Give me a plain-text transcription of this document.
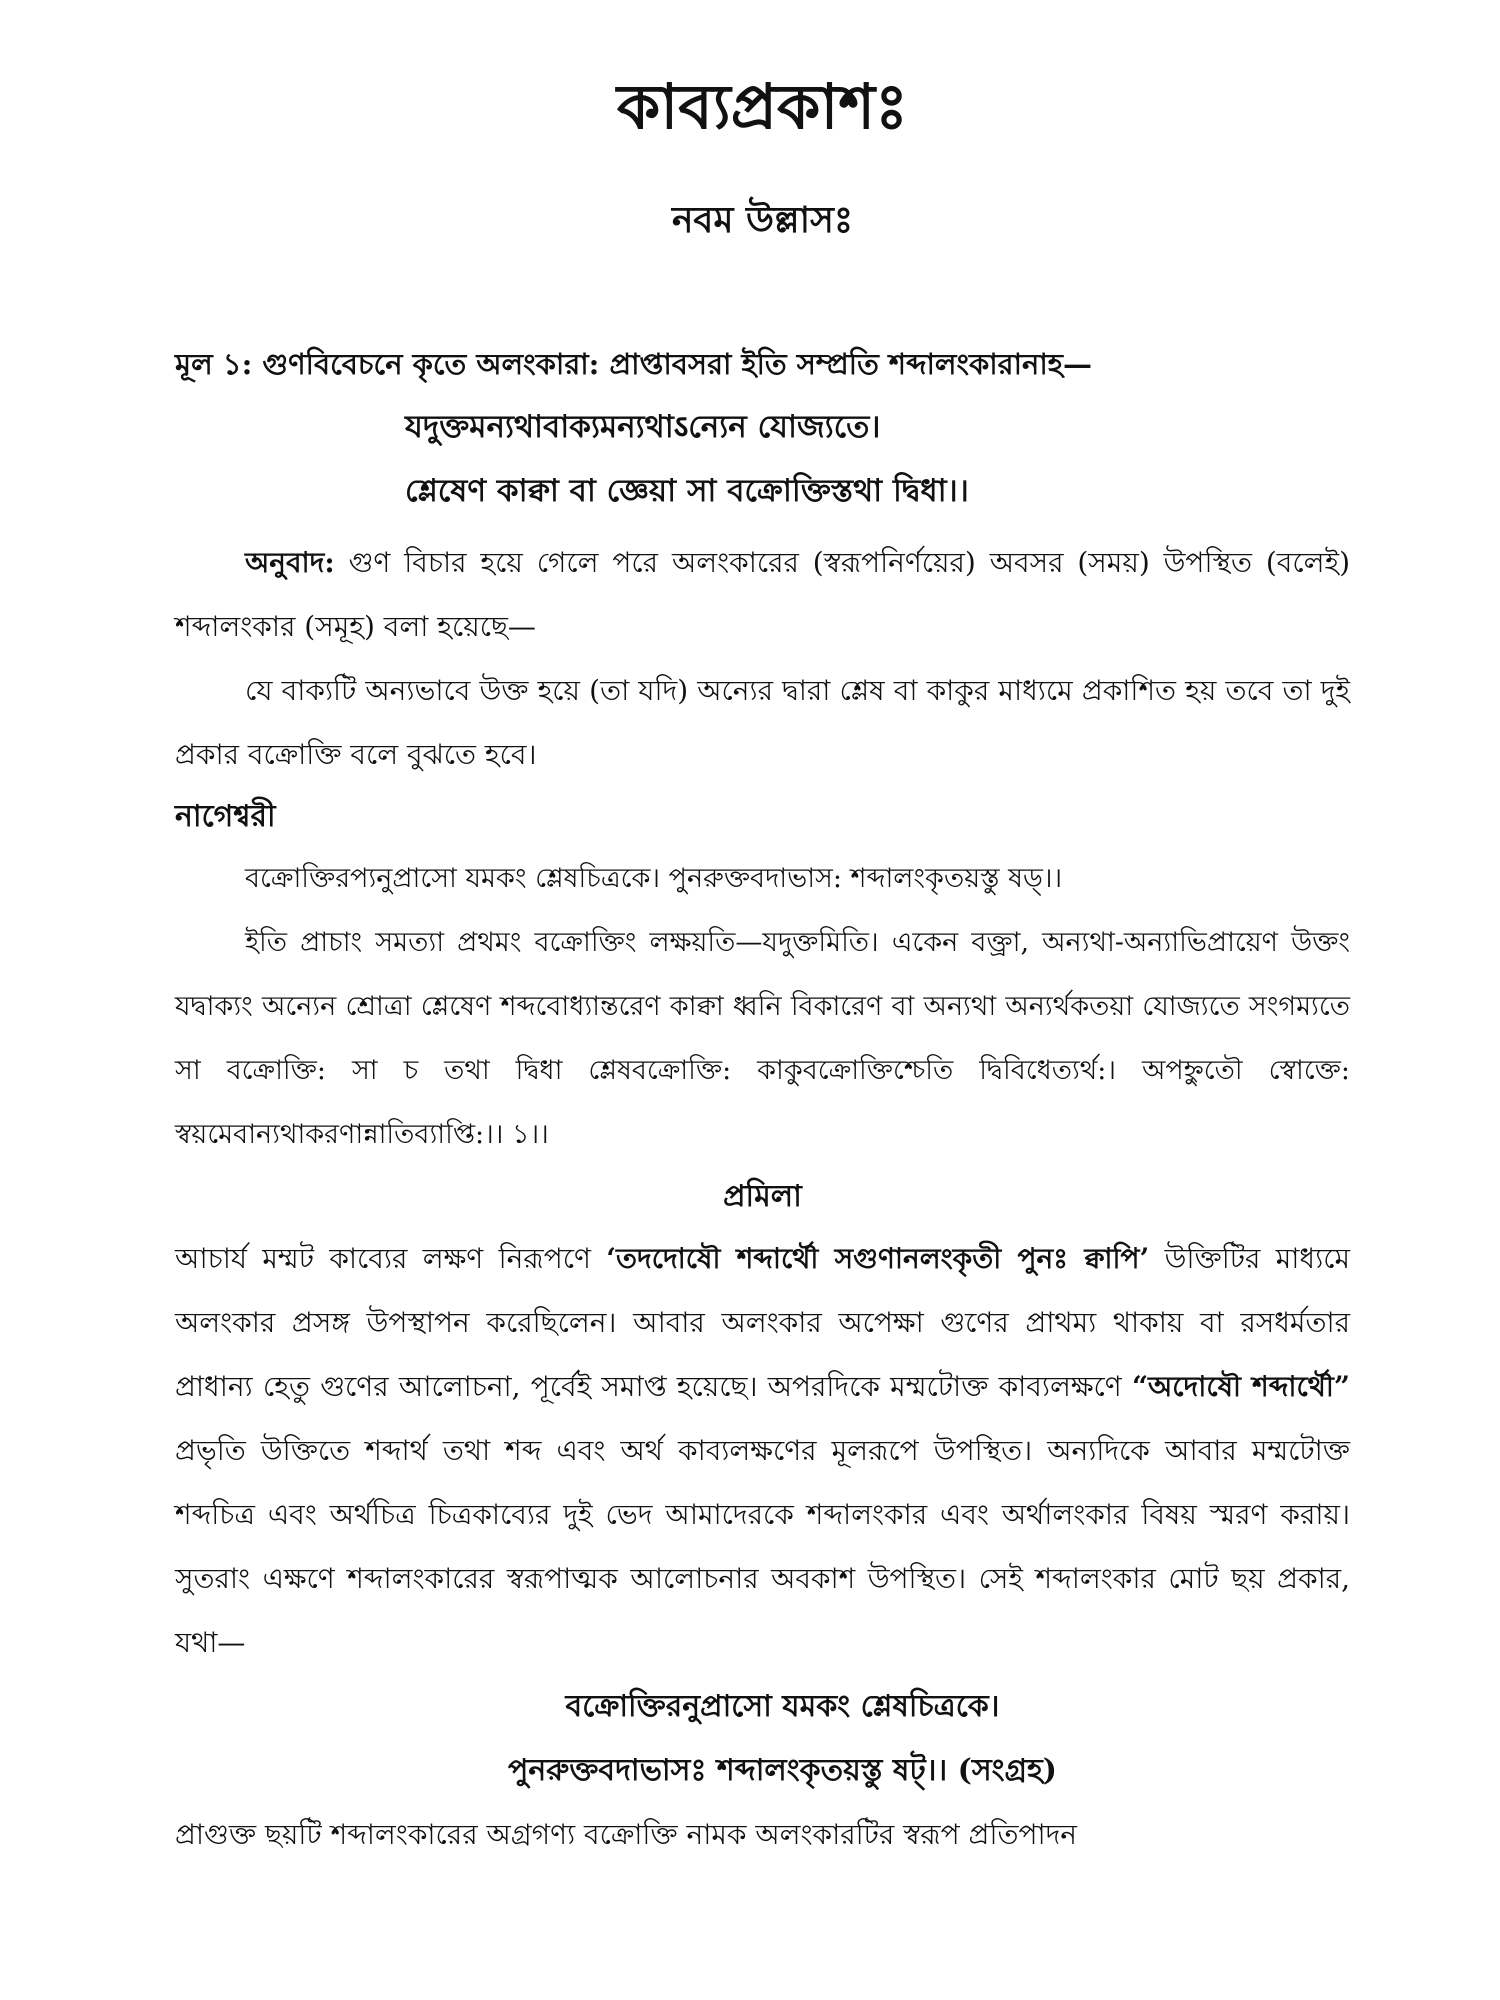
কাব্যপ্রকাশঃ
নবম উল্লাসঃ

মূল ১: গুণবিবেচনে কৃতে অলংকারা: প্রাপ্তাবসরা ইতি সম্প্রতি শব্দালংকারানাহ—

যদুক্তমন্যথাবাক্যমন্যথাऽন্যেন যোজ্যতে।

শ্লেষেণ কাক্বা বা জ্ঞেয়া সা বক্রোক্তিস্তথা দ্বিধা।।

অনুবাদ: গুণ বিচার হয়ে গেলে পরে অলংকারের (স্বরূপনির্ণয়ের) অবসর (সময়) উপস্থিত (বলেই) শব্দালংকার (সমূহ) বলা হয়েছে—

যে বাক্যটি অন্যভাবে উক্ত হয়ে (তা যদি) অন্যের দ্বারা শ্লেষ বা কাকুর মাধ্যমে প্রকাশিত হয় তবে তা দুই প্রকার বক্রোক্তি বলে বুঝতে হবে।

নাগেশ্বরী

বক্রোক্তিরপ্যনুপ্রাসো যমকং শ্লেষচিত্রকে। পুনরুক্তবদাভাস: শব্দালংকৃতয়স্তু ষড্।।

ইতি প্রাচাং সমত্যা প্রথমং বক্রোক্তিং লক্ষয়তি—যদুক্তমিতি। একেন বক্ত্রা, অন্যথা-অন্যাভিপ্রায়েণ উক্তং যদ্বাক্যং অন্যেন শ্রোত্রা শ্লেষেণ শব্দবোধ্যান্তরেণ কাক্বা ধ্বনি বিকারেণ বা অন্যথা অন্যর্থকতয়া যোজ্যতে সংগম্যতে সা বক্রোক্তি: সা চ তথা দ্বিধা শ্লেষবক্রোক্তি: কাকুবক্রোক্তিশ্চেতি দ্বিবিধেত্যর্থ:। অপহ্নুতৌ স্বোক্তে: স্বয়মেবান্যথাকরণান্নাতিব্যাপ্তি:।। ১।।

প্রমিলা

আচার্য মম্মট কাব্যের লক্ষণ নিরূপণে ‘তদদোষৌ শব্দার্থৌ সগুণানলংকৃতী পুনঃ ক্বাপি’ উক্তিটির মাধ্যমে অলংকার প্রসঙ্গ উপস্থাপন করেছিলেন। আবার অলংকার অপেক্ষা গুণের প্রাথম্য থাকায় বা রসধর্মতার প্রাধান্য হেতু গুণের আলোচনা, পূর্বেই সমাপ্ত হয়েছে। অপরদিকে মম্মটোক্ত কাব্যলক্ষণে “অদোষৌ শব্দার্থৌ” প্রভৃতি উক্তিতে শব্দার্থ তথা শব্দ এবং অর্থ কাব্যলক্ষণের মূলরূপে উপস্থিত। অন্যদিকে আবার মম্মটোক্ত শব্দচিত্র এবং অর্থচিত্র চিত্রকাব্যের দুই ভেদ আমাদেরকে শব্দালংকার এবং অর্থালংকার বিষয় স্মরণ করায়। সুতরাং এক্ষণে শব্দালংকারের স্বরূপাত্মক আলোচনার অবকাশ উপস্থিত। সেই শব্দালংকার মোট ছয় প্রকার, যথা—

বক্রোক্তিরনুপ্রাসো যমকং শ্লেষচিত্রকে।

পুনরুক্তবদাভাসঃ শব্দালংকৃতয়স্তু ষট্।। (সংগ্রহ)

প্রাগুক্ত ছয়টি শব্দালংকারের অগ্রগণ্য বক্রোক্তি নামক অলংকারটির স্বরূপ প্রতিপাদন
